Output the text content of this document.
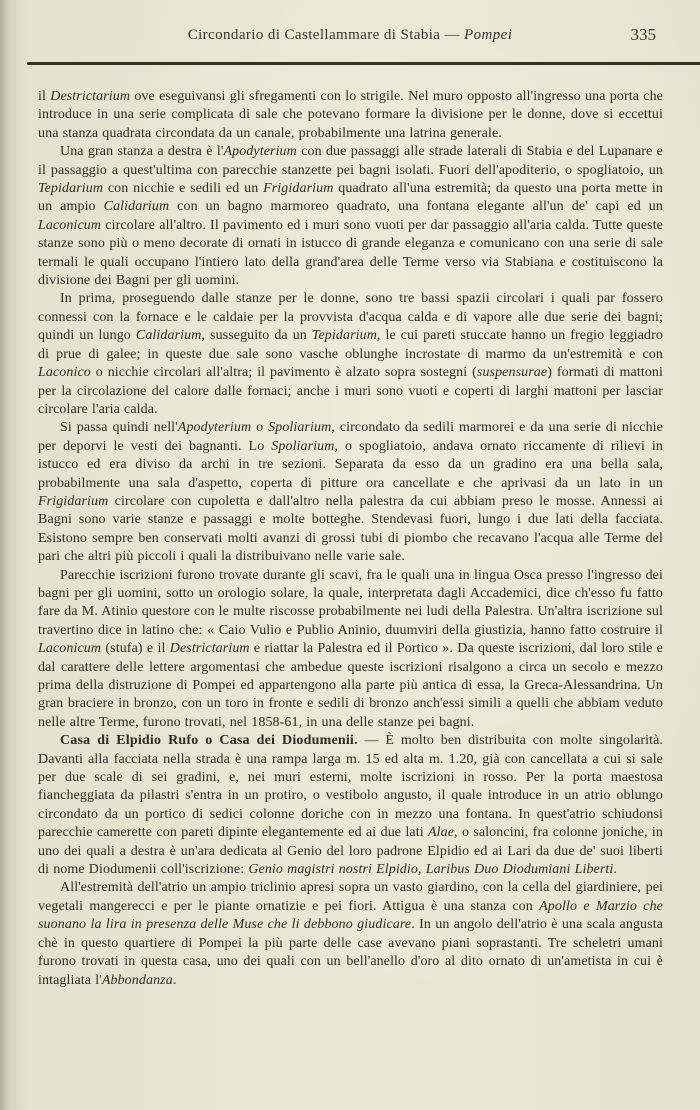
Circondario di Castellammare di Stabia — Pompei	335

il Destrictarium ove eseguivansi gli sfregamenti con lo strigile. Nel muro opposto all'ingresso una porta che introduce in una serie complicata di sale che potevano formare la divisione per le donne, dove si eccettui una stanza quadrata circondata da un canale, probabilmente una latrina generale.

Una gran stanza a destra è l'Apodyterium con due passaggi alle strade laterali di Stabia e del Lupanare e il passaggio a quest'ultima con parecchie stanzette pei bagni isolati. Fuori dell'apoditerio, o spogliatoio, un Tepidarium con nicchie e sedili ed un Frigidarium quadrato all'una estremità; da questo una porta mette in un ampio Calidarium con un bagno marmoreo quadrato, una fontana elegante all'un de' capi ed un Laconicum circolare all'altro. Il pavimento ed i muri sono vuoti per dar passaggio all'aria calda. Tutte queste stanze sono più o meno decorate di ornati in istucco di grande eleganza e comunicano con una serie di sale termali le quali occupano l'intiero lato della grand'area delle Terme verso via Stabiana e costituiscono la divisione dei Bagni per gli uomini.

In prima, proseguendo dalle stanze per le donne, sono tre bassi spazii circolari i quali par fossero connessi con la fornace e le caldaie per la provvista d'acqua calda e di vapore alle due serie dei bagni; quindi un lungo Calidarium, susseguito da un Tepidarium, le cui pareti stuccate hanno un fregio leggiadro di prue di galee; in queste due sale sono vasche oblunghe incrostate di marmo da un'estremità e con Laconico o nicchie circolari all'altra; il pavimento è alzato sopra sostegni (suspensurae) formati di mattoni per la circolazione del calore dalle fornaci; anche i muri sono vuoti e coperti di larghi mattoni per lasciar circolare l'aria calda.

Si passa quindi nell'Apodyterium o Spoliarium, circondato da sedili marmorei e da una serie di nicchie per deporvi le vesti dei bagnanti. Lo Spoliarium, o spogliatoio, andava ornato riccamente di rilievi in istucco ed era diviso da archi in tre sezioni. Separata da esso da un gradino era una bella sala, probabilmente una sala d'aspetto, coperta di pitture ora cancellate e che aprivasi da un lato in un Frigidarium circolare con cupoletta e dall'altro nella palestra da cui abbiam preso le mosse. Annessi ai Bagni sono varie stanze e passaggi e molte botteghe. Stendevasi fuori, lungo i due lati della facciata. Esistono sempre ben conservati molti avanzi di grossi tubi di piombo che recavano l'acqua alle Terme del pari che altri più piccoli i quali la distribuivano nelle varie sale.

Parecchie iscrizioni furono trovate durante gli scavi, fra le quali una in lingua Osca presso l'ingresso dei bagni per gli uomini, sotto un orologio solare, la quale, interpretata dagli Accademici, dice ch'esso fu fatto fare da M. Atinio questore con le multe riscosse probabilmente nei ludi della Palestra. Un'altra iscrizione sul travertino dice in latino che: « Caio Vulio e Publio Aninio, duumviri della giustizia, hanno fatto costruire il Laconicum (stufa) e il Destrictarium e riattar la Palestra ed il Portico ». Da queste iscrizioni, dal loro stile e dal carattere delle lettere argomentasi che ambedue queste iscrizioni risalgono a circa un secolo e mezzo prima della distruzione di Pompei ed appartengono alla parte più antica di essa, la Greca-Alessandrina. Un gran braciere in bronzo, con un toro in fronte e sedili di bronzo anch'essi simili a quelli che abbiam veduto nelle altre Terme, furono trovati, nel 1858-61, in una delle stanze pei bagni.

Casa di Elpidio Rufo o Casa dei Diodumenii. — È molto ben distribuita con molte singolarità. Davanti alla facciata nella strada è una rampa larga m. 15 ed alta m. 1.20, già con cancellata a cui si sale per due scale di sei gradini, e, nei muri esterni, molte iscrizioni in rosso. Per la porta maestosa fiancheggiata da pilastri s'entra in un protiro, o vestibolo angusto, il quale introduce in un atrio oblungo circondato da un portico di sedici colonne doriche con in mezzo una fontana. In quest'atrio schiudonsi parecchie camerette con pareti dipinte elegantemente ed ai due lati Alae, o saloncini, fra colonne joniche, in uno dei quali a destra è un'ara dedicata al Genio del loro padrone Elpidio ed ai Lari da due de' suoi liberti di nome Diodumenii coll'iscrizione: Genio magistri nostri Elpidio, Laribus Duo Diodumiani Liberti.

All'estremità dell'atrio un ampio triclinio apresi sopra un vasto giardino, con la cella del giardiniere, pei vegetali mangerecci e per le piante ornatizie e pei fiori. Attigua è una stanza con Apollo e Marzio che suonano la lira in presenza delle Muse che li debbono giudicare. In un angolo dell'atrio è una scala angusta chè in questo quartiere di Pompei la più parte delle case avevano piani soprastanti. Tre scheletri umani furono trovati in questa casa, uno dei quali con un bell'anello d'oro al dito ornato di un'ametista in cui è intagliata l'Abbondanza.
